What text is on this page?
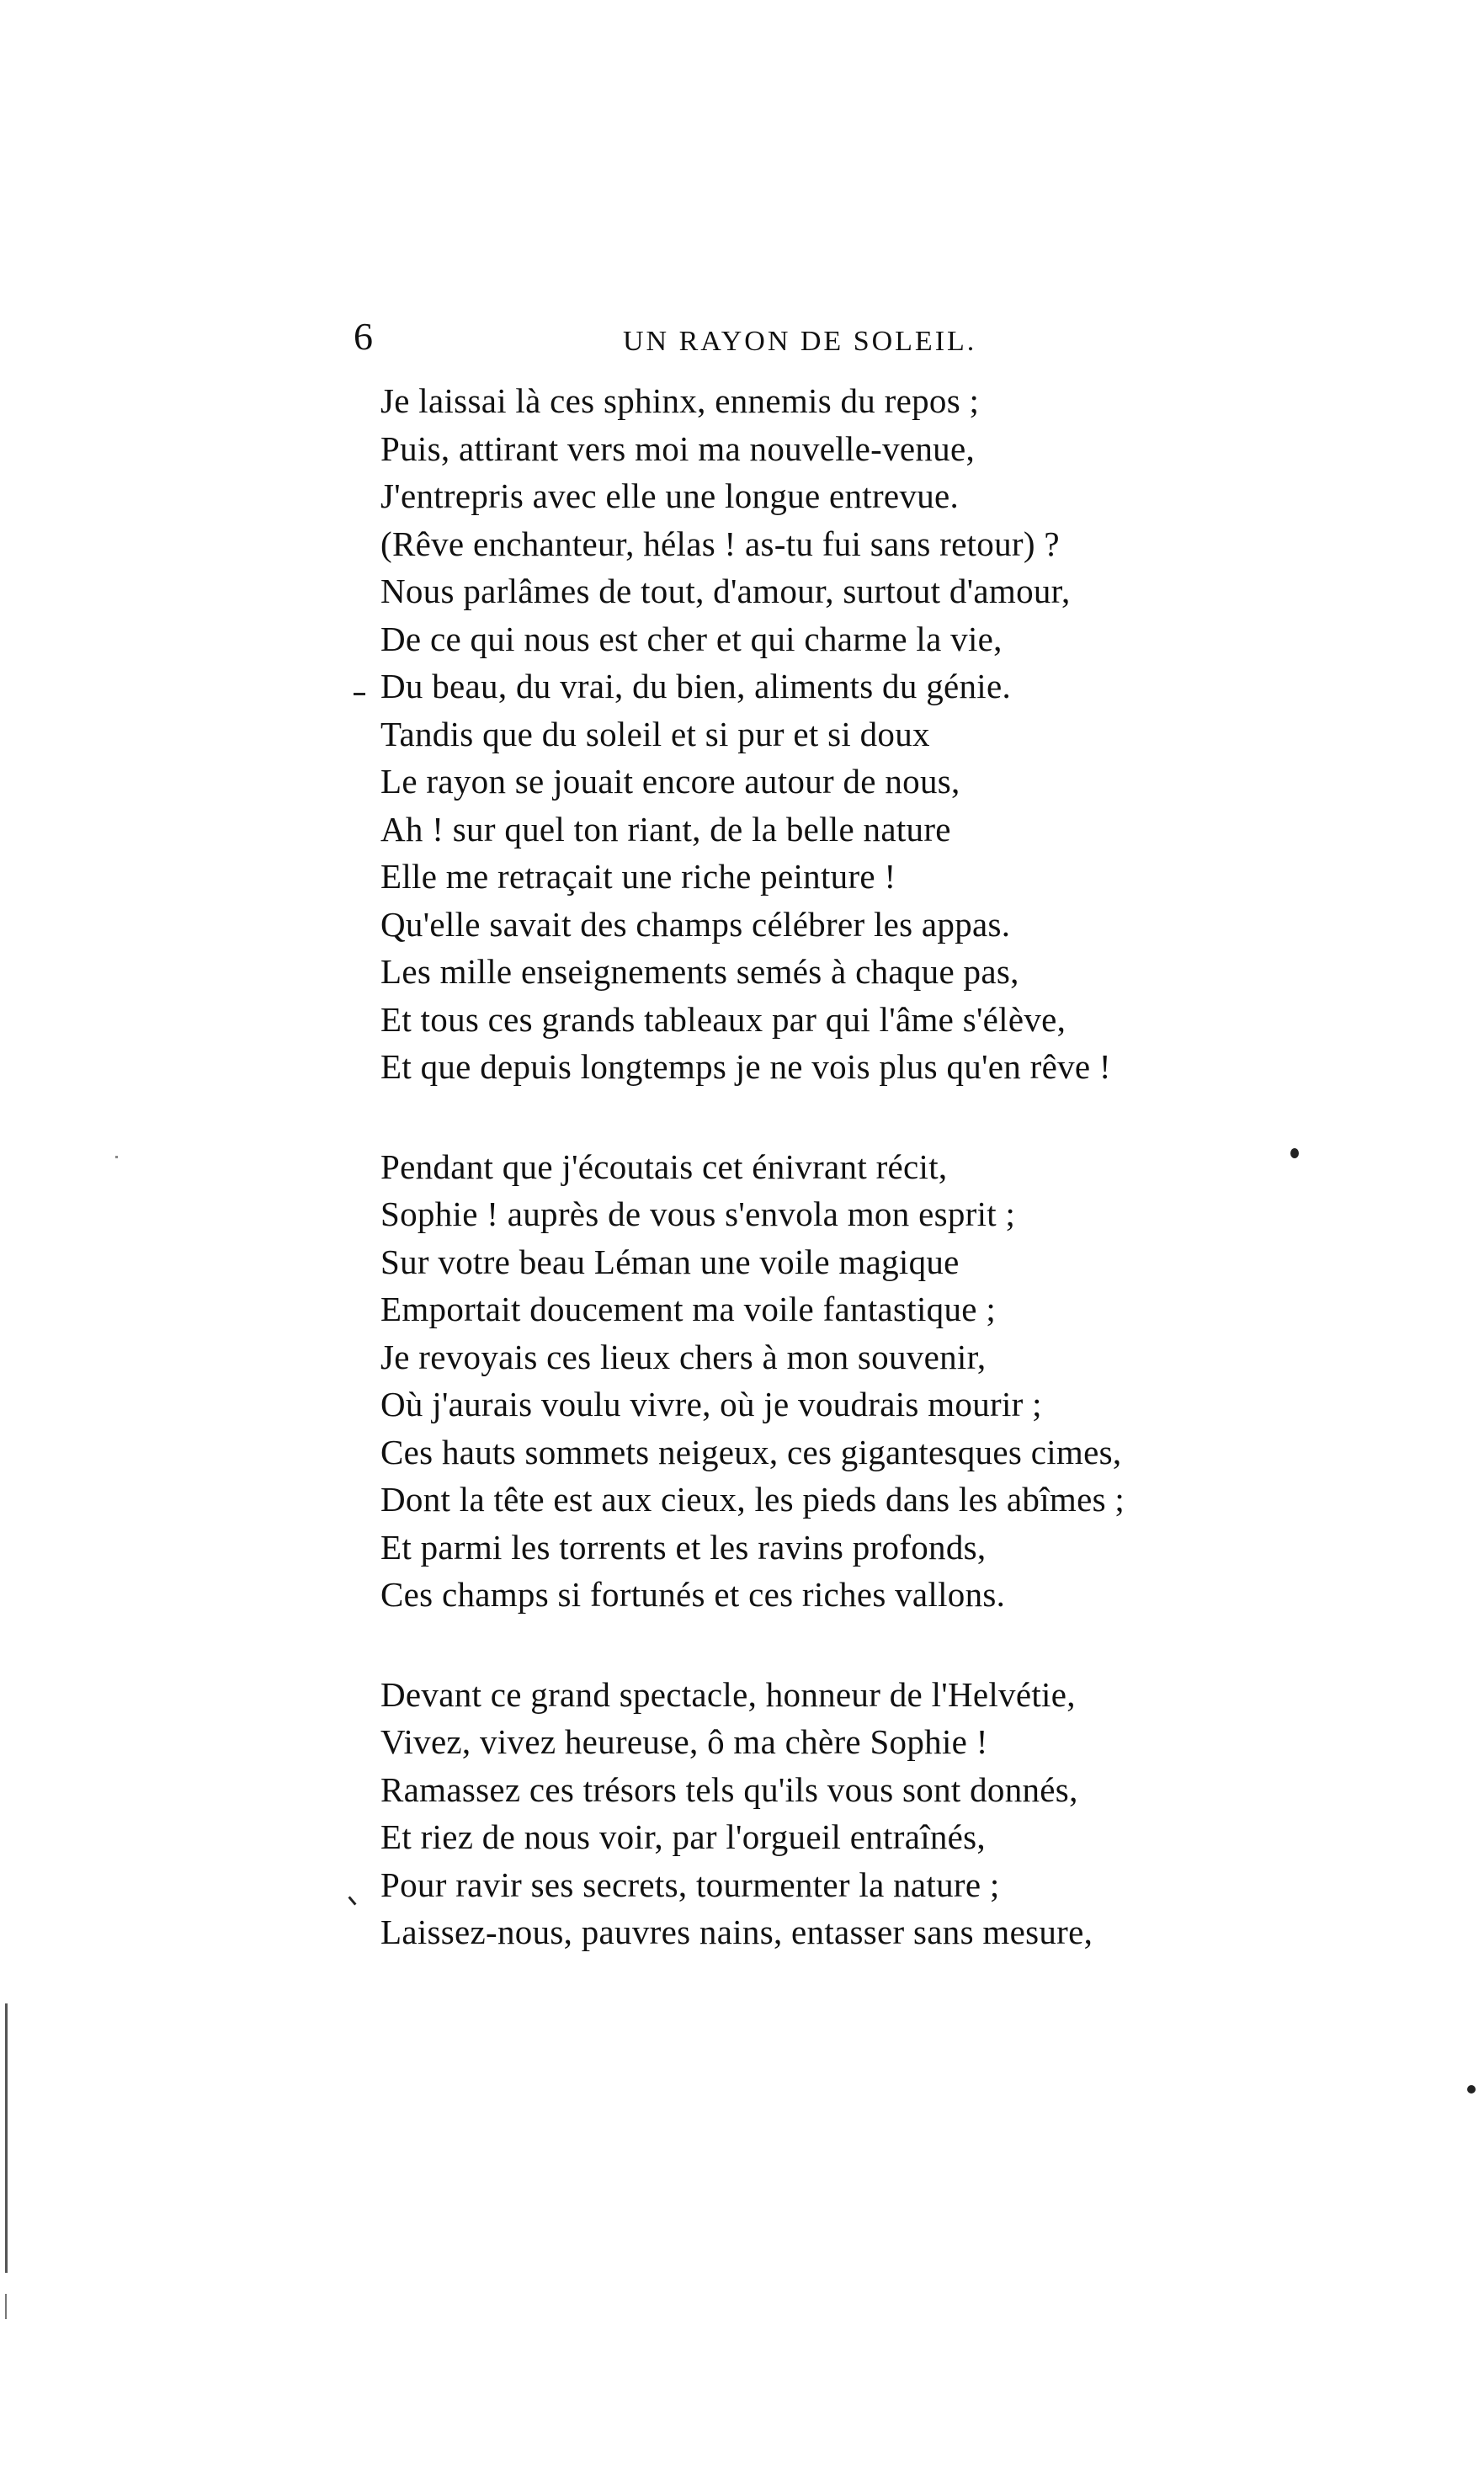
6	UN RAYON DE SOLEIL.
Je laissai là ces sphinx, ennemis du repos ;
Puis, attirant vers moi ma nouvelle-venue,
J'entrepris avec elle une longue entrevue.
(Rêve enchanteur, hélas ! as-tu fui sans retour) ?
Nous parlâmes de tout, d'amour, surtout d'amour,
De ce qui nous est cher et qui charme la vie,
Du beau, du vrai, du bien, aliments du génie.
Tandis que du soleil et si pur et si doux
Le rayon se jouait encore autour de nous,
Ah ! sur quel ton riant, de la belle nature
Elle me retraçait une riche peinture !
Qu'elle savait des champs célébrer les appas.
Les mille enseignements semés à chaque pas,
Et tous ces grands tableaux par qui l'âme s'élève,
Et que depuis longtemps je ne vois plus qu'en rêve !
Pendant que j'écoutais cet énivrant récit,
Sophie ! auprès de vous s'envola mon esprit ;
Sur votre beau Léman une voile magique
Emportait doucement ma voile fantastique ;
Je revoyais ces lieux chers à mon souvenir,
Où j'aurais voulu vivre, où je voudrais mourir ;
Ces hauts sommets neigeux, ces gigantesques cimes,
Dont la tête est aux cieux, les pieds dans les abîmes ;
Et parmi les torrents et les ravins profonds,
Ces champs si fortunés et ces riches vallons.
Devant ce grand spectacle, honneur de l'Helvétie,
Vivez, vivez heureuse, ô ma chère Sophie !
Ramassez ces trésors tels qu'ils vous sont donnés,
Et riez de nous voir, par l'orgueil entraînés,
Pour ravir ses secrets, tourmenter la nature ;
Laissez-nous, pauvres nains, entasser sans mesure,
